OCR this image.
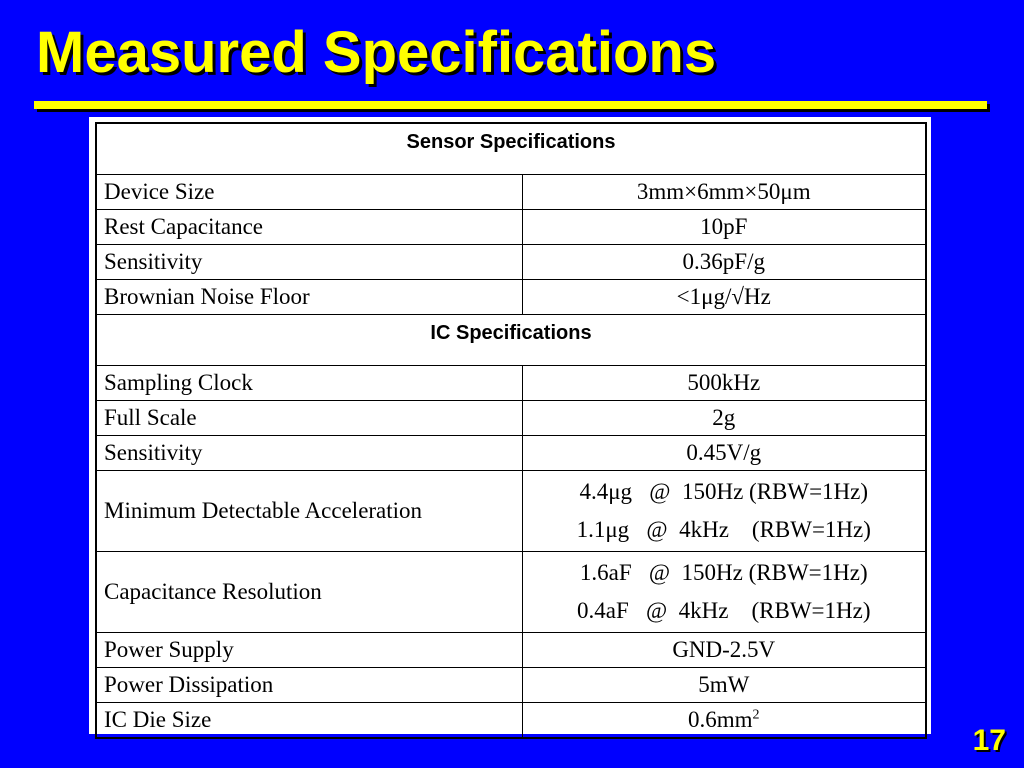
Measured Specifications
Sensor Specifications	
Device Size	3mm×6mm×50μm
Rest Capacitance	10pF
Sensitivity	0.36pF/g
Brownian Noise Floor	<1μg/√Hz
IC Specifications	
Sampling Clock	500kHz
Full Scale	2g
Sensitivity	0.45V/g
Minimum Detectable Acceleration	4.4μg   @  150Hz (RBW=1Hz)
1.1μg   @  4kHz    (RBW=1Hz)

Capacitance Resolution	1.6aF   @  150Hz (RBW=1Hz)
0.4aF   @  4kHz    (RBW=1Hz)

Power Supply	GND-2.5V
Power Dissipation	5mW
IC Die Size	$0.6mm^2$
17
